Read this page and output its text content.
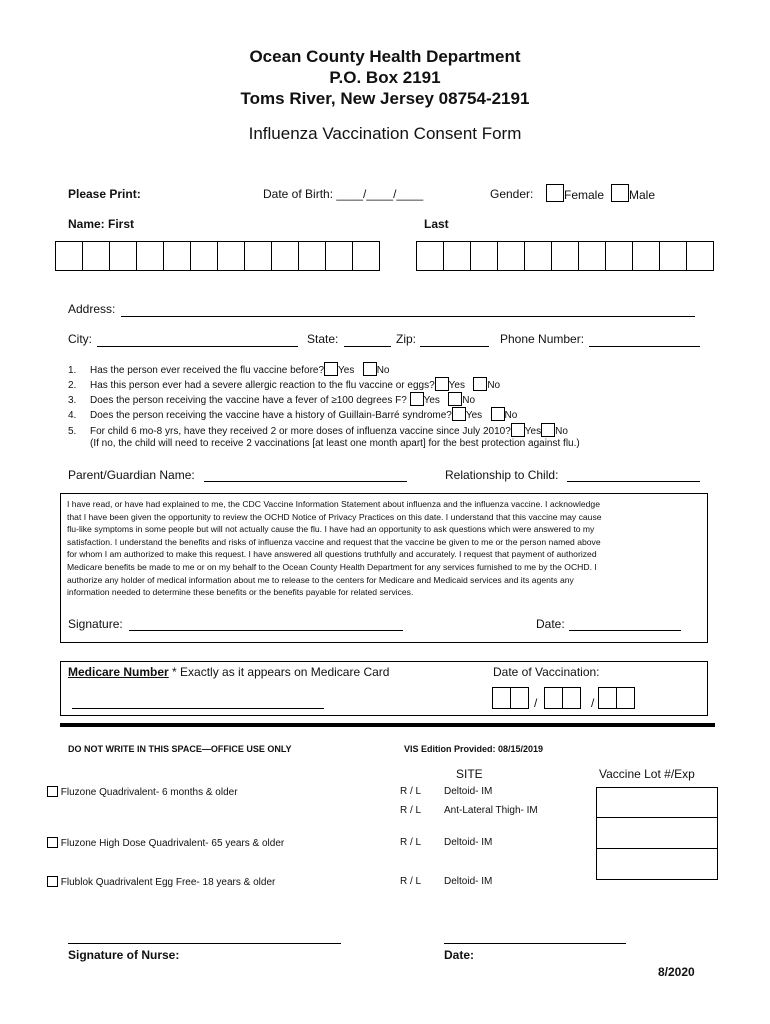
Ocean County Health Department
P.O. Box 2191
Toms River, New Jersey 08754-2191
Influenza Vaccination Consent Form
Please Print:	Date of Birth: ____/____/____	Gender:	Female	Male
Name: First	Last
Address:
City:	State:	Zip:	Phone Number:
1. Has the person ever received the flu vaccine before? Yes No
2. Has this person ever had a severe allergic reaction to the flu vaccine or eggs? Yes No
3. Does the person receiving the vaccine have a fever of ≥100 degrees F? Yes No
4. Does the person receiving the vaccine have a history of Guillain-Barré syndrome? Yes No
5. For child 6 mo-8 yrs, have they received 2 or more doses of influenza vaccine since July 2010? Yes No
(If no, the child will need to receive 2 vaccinations [at least one month apart] for the best protection against flu.)
Parent/Guardian Name:	Relationship to Child:
I have read, or have had explained to me, the CDC Vaccine Information Statement about influenza and the influenza vaccine. I acknowledge
that I have been given the opportunity to review the OCHD Notice of Privacy Practices on this date. I understand that this vaccine may cause
flu-like symptoms in some people but will not actually cause the flu. I have had an opportunity to ask questions which were answered to my
satisfaction. I understand the benefits and risks of influenza vaccine and request that the vaccine be given to me or the person named above
for whom I am authorized to make this request. I have answered all questions truthfully and accurately. I request that payment of authorized
Medicare benefits be made to me or on my behalf to the Ocean County Health Department for any services furnished to me by the OCHD. I
authorize any holder of medical information about me to release to the centers for Medicare and Medicaid services and its agents any
information needed to determine these benefits or the benefits payable for related services.
Signature:	Date:
Medicare Number * Exactly as it appears on Medicare Card	Date of Vaccination:
/	/
DO NOT WRITE IN THIS SPACE—OFFICE USE ONLY	VIS Edition Provided: 08/15/2019
SITE	Vaccine Lot #/Exp
Fluzone Quadrivalent- 6 months & older	R / L Deltoid- IM
R / L Ant-Lateral Thigh- IM
Fluzone High Dose Quadrivalent- 65 years & older	R / L Deltoid- IM
Flublok Quadrivalent Egg Free- 18 years & older	R / L Deltoid- IM
Signature of Nurse:	Date:
8/2020
